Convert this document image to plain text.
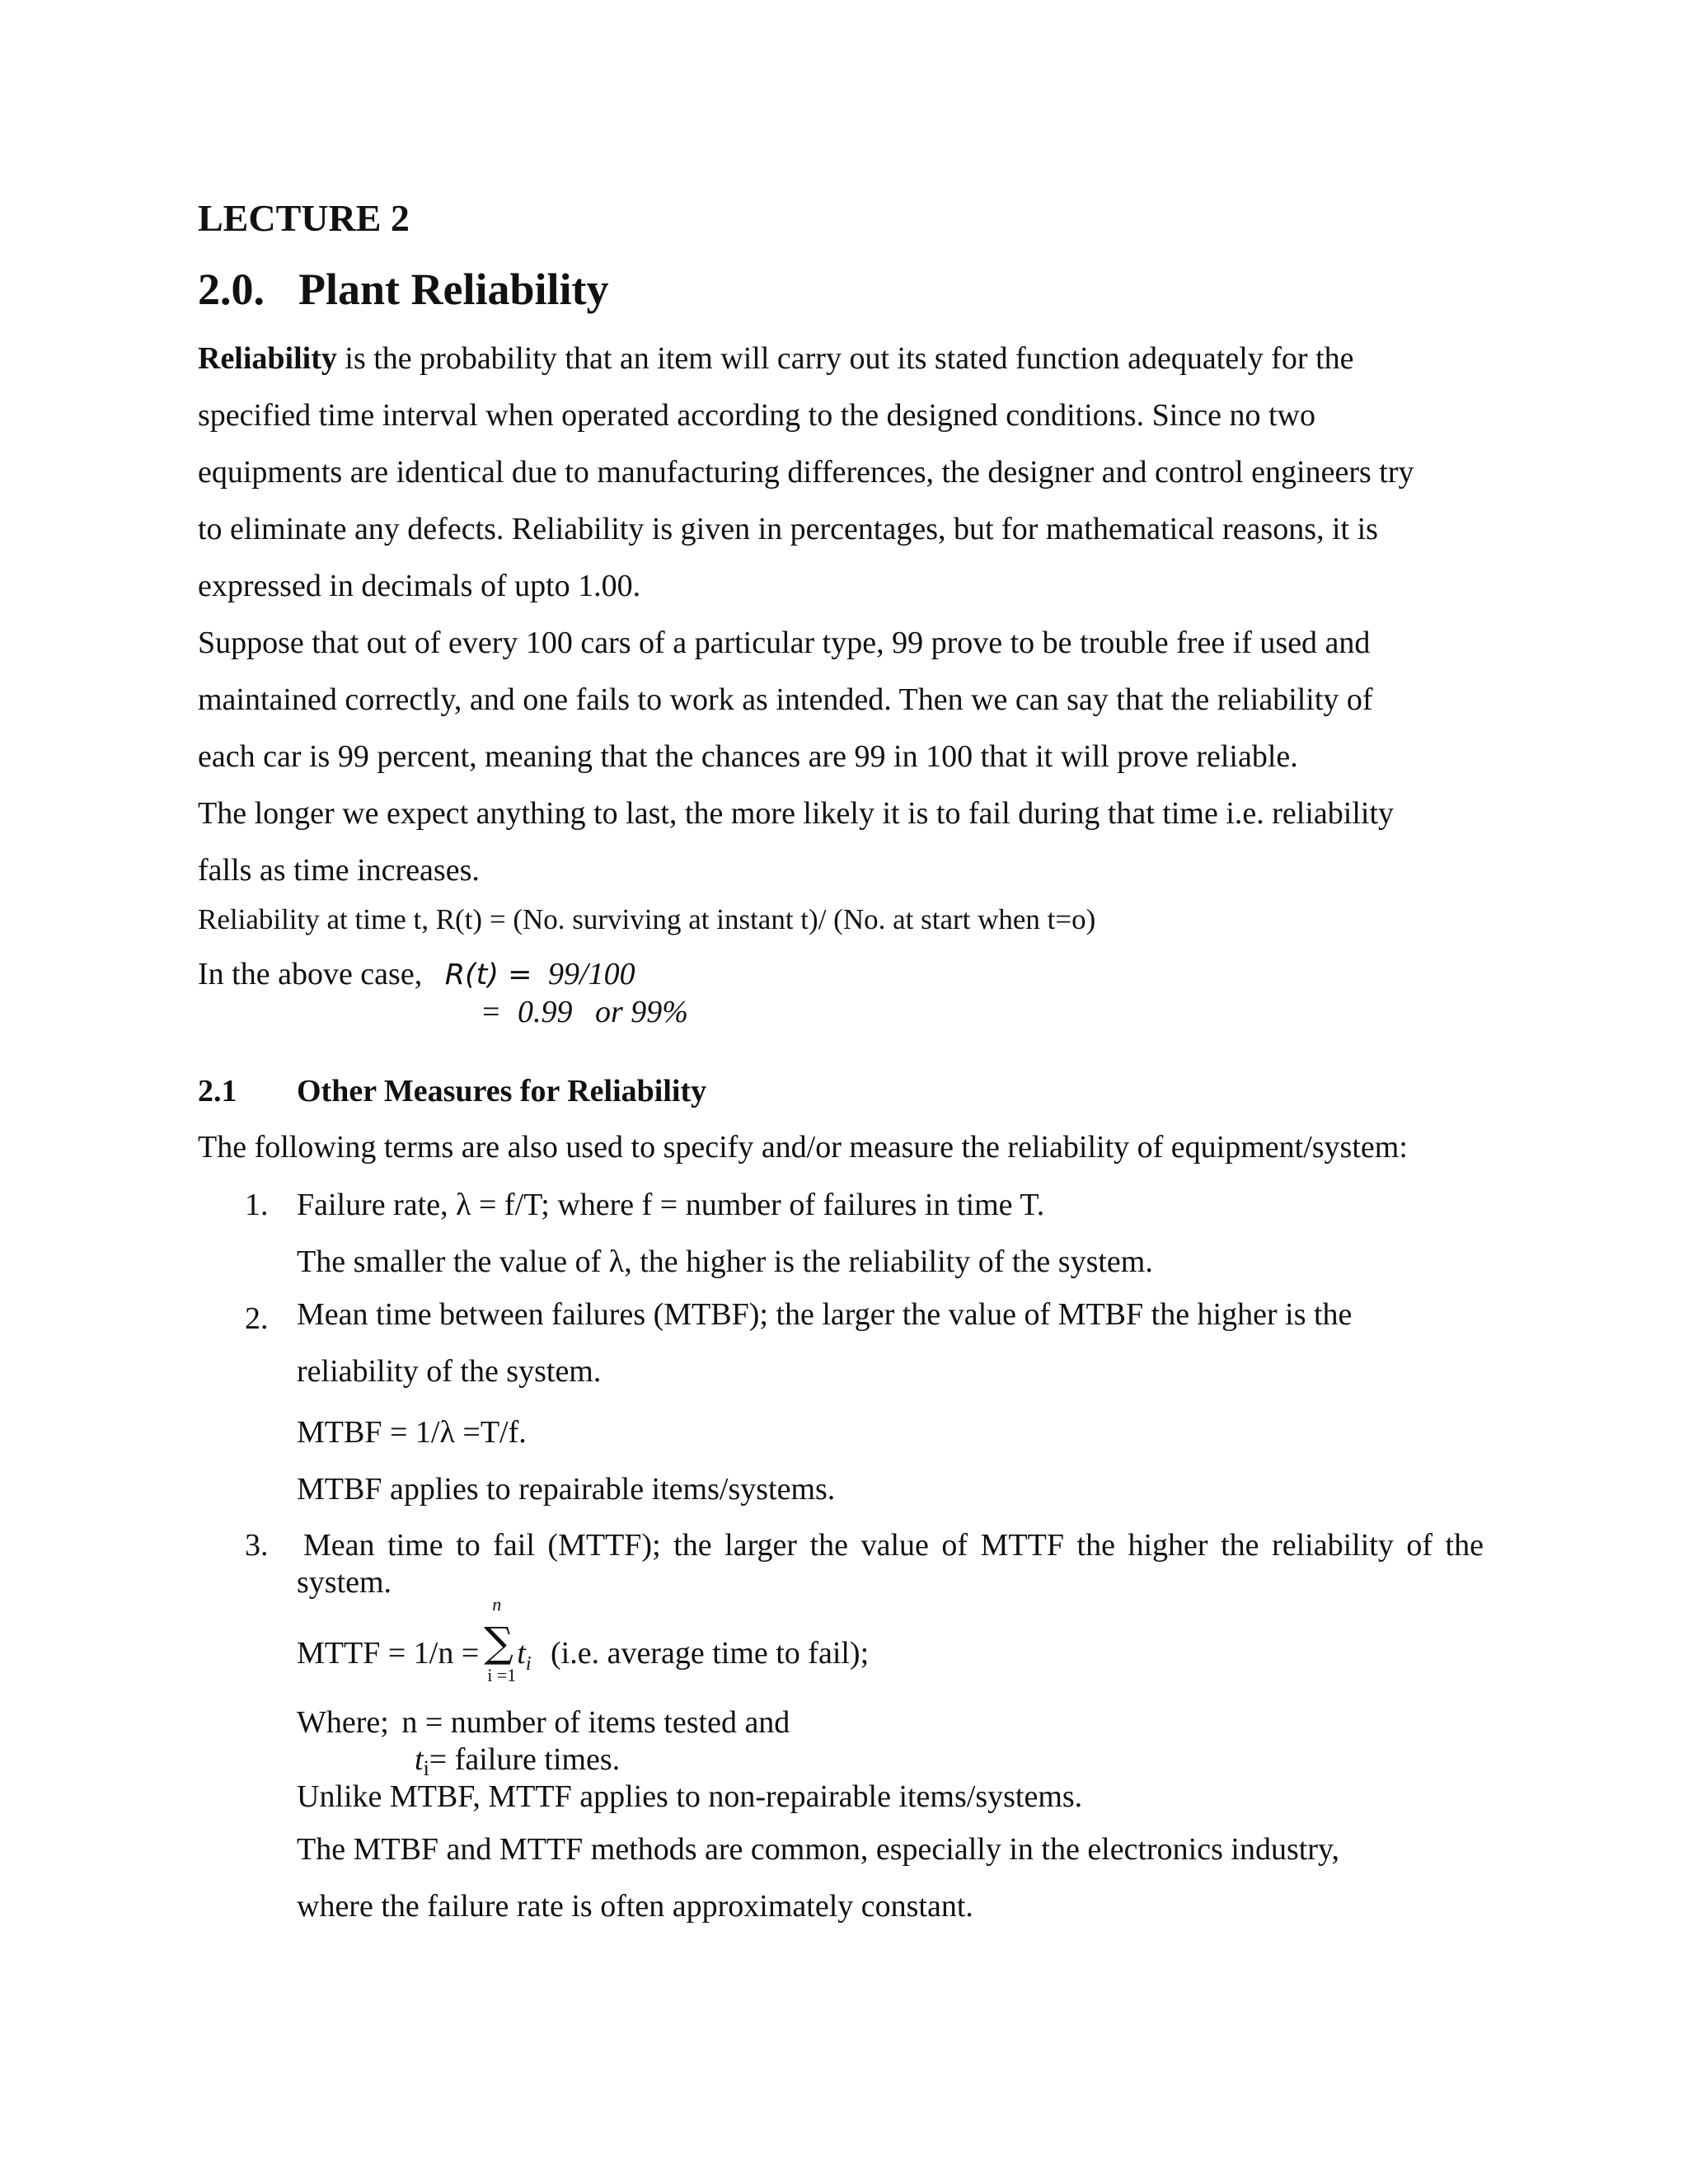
LECTURE 2
2.0. Plant Reliability
Reliability is the probability that an item will carry out its stated function adequately for the
specified time interval when operated according to the designed conditions. Since no two
equipments are identical due to manufacturing differences, the designer and control engineers try
to eliminate any defects. Reliability is given in percentages, but for mathematical reasons, it is
expressed in decimals of upto 1.00.
Suppose that out of every 100 cars of a particular type, 99 prove to be trouble free if used and
maintained correctly, and one fails to work as intended. Then we can say that the reliability of
each car is 99 percent, meaning that the chances are 99 in 100 that it will prove reliable.
The longer we expect anything to last, the more likely it is to fail during that time i.e. reliability
falls as time increases.
Reliability at time t, R(t) = (No. surviving at instant t)/ (No. at start when t=o)
In the above case, R(t) = 99/100
= 0.99 or 99%
2.1 Other Measures for Reliability
The following terms are also used to specify and/or measure the reliability of equipment/system:
1. Failure rate, λ = f/T; where f = number of failures in time T.
The smaller the value of λ, the higher is the reliability of the system.
2. Mean time between failures (MTBF); the larger the value of MTBF the higher is the
reliability of the system.
MTBF = 1/λ =T/f.
MTBF applies to repairable items/systems.
3. Mean time to fail (MTTF); the larger the value of MTTF the higher the reliability of the
system.
MTTF = 1/n =
n
∑
i =1
$t_i$ (i.e. average time to fail);
Where; n = number of items tested and
ti= failure times.
Unlike MTBF, MTTF applies to non-repairable items/systems.
The MTBF and MTTF methods are common, especially in the electronics industry,
where the failure rate is often approximately constant.
